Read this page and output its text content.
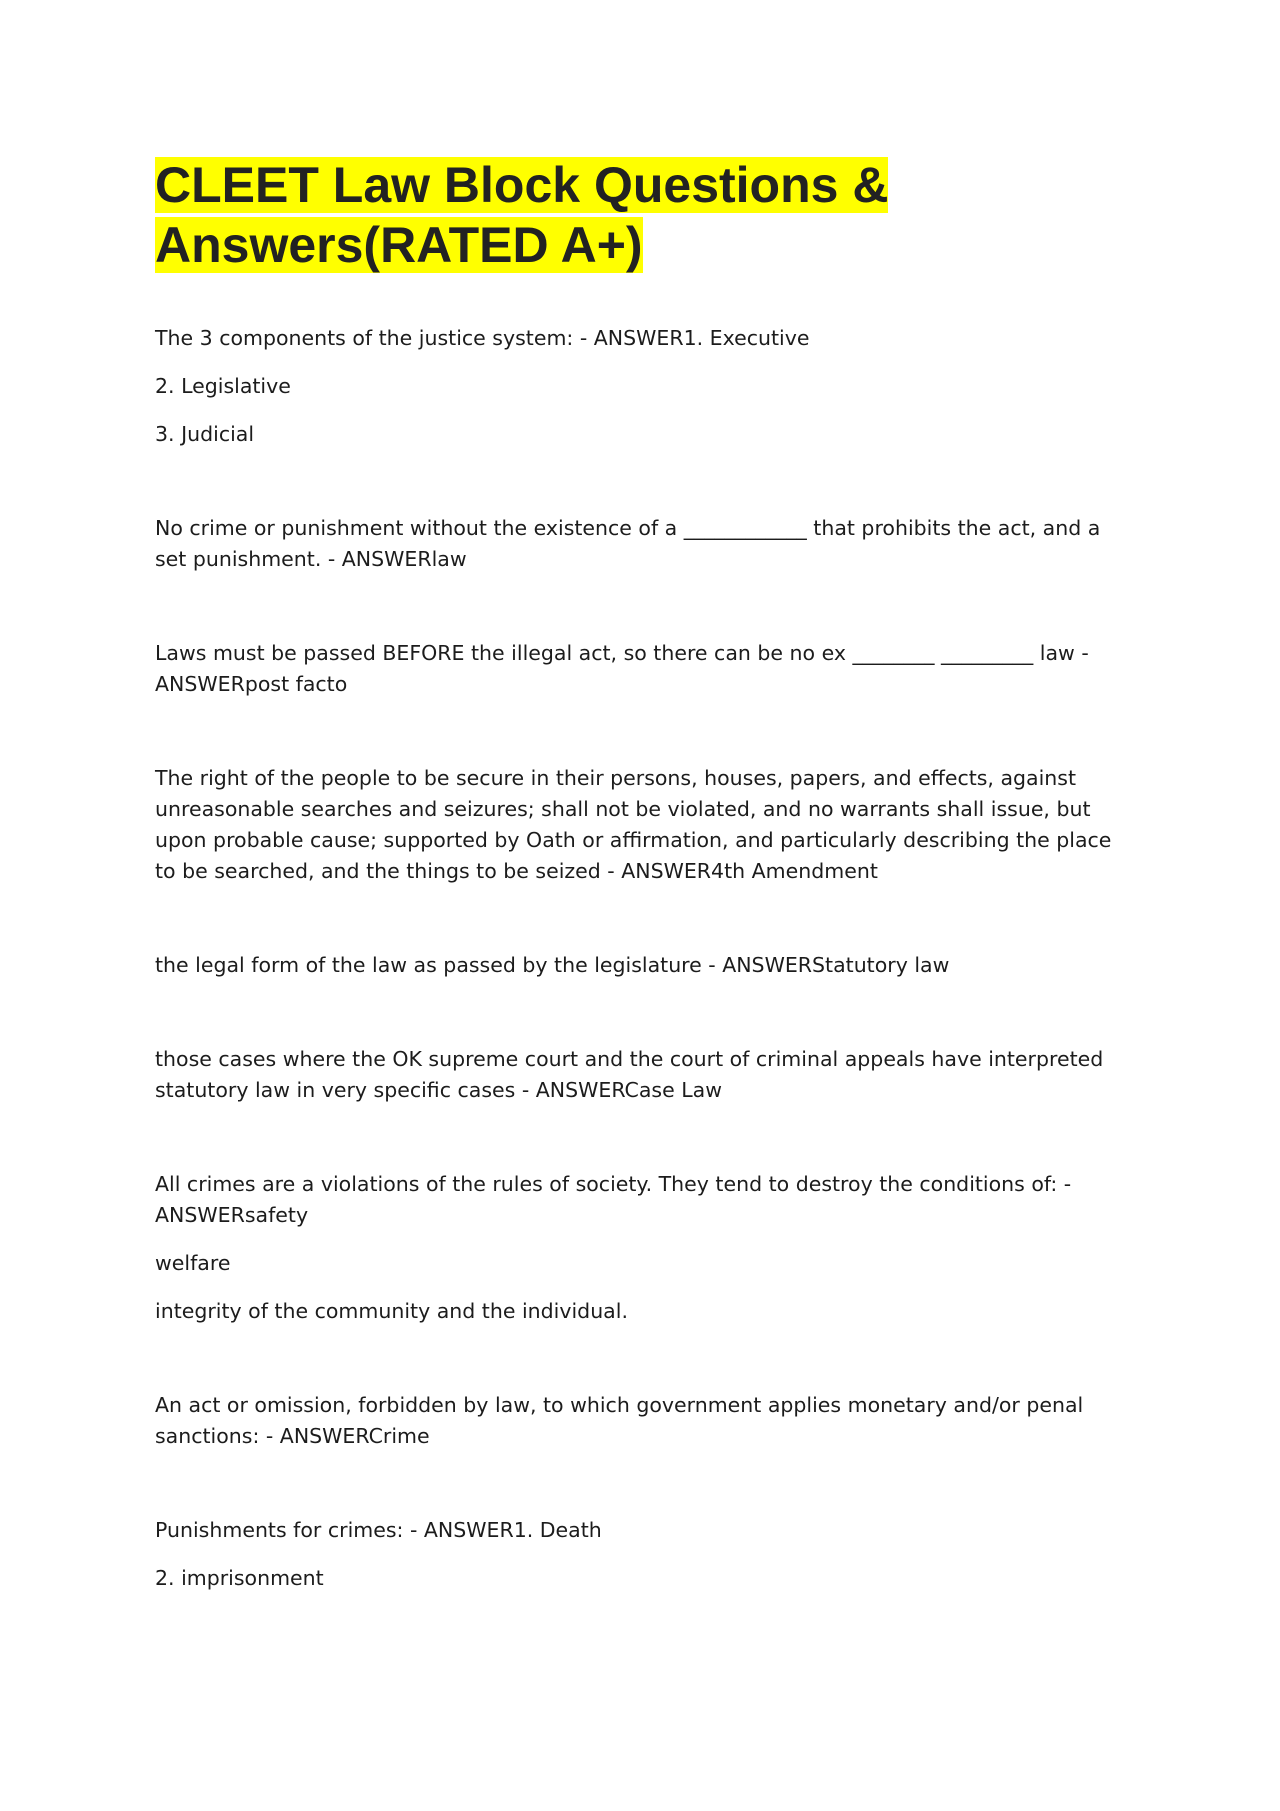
CLEET Law Block Questions & Answers(RATED A+)

The 3 components of the justice system: - ANSWER1. Executive

2. Legislative

3. Judicial

No crime or punishment without the existence of a ____________ that prohibits the act, and a set punishment. - ANSWERlaw

Laws must be passed BEFORE the illegal act, so there can be no ex ________ _________ law - ANSWERpost facto

The right of the people to be secure in their persons, houses, papers, and effects, against unreasonable searches and seizures; shall not be violated, and no warrants shall issue, but upon probable cause; supported by Oath or affirmation, and particularly describing the place to be searched, and the things to be seized - ANSWER4th Amendment

the legal form of the law as passed by the legislature - ANSWERStatutory law

those cases where the OK supreme court and the court of criminal appeals have interpreted statutory law in very specific cases - ANSWERCase Law

All crimes are a violations of the rules of society. They tend to destroy the conditions of: - ANSWERsafety

welfare

integrity of the community and the individual.

An act or omission, forbidden by law, to which government applies monetary and/or penal sanctions: - ANSWERCrime

Punishments for crimes: - ANSWER1. Death

2. imprisonment
